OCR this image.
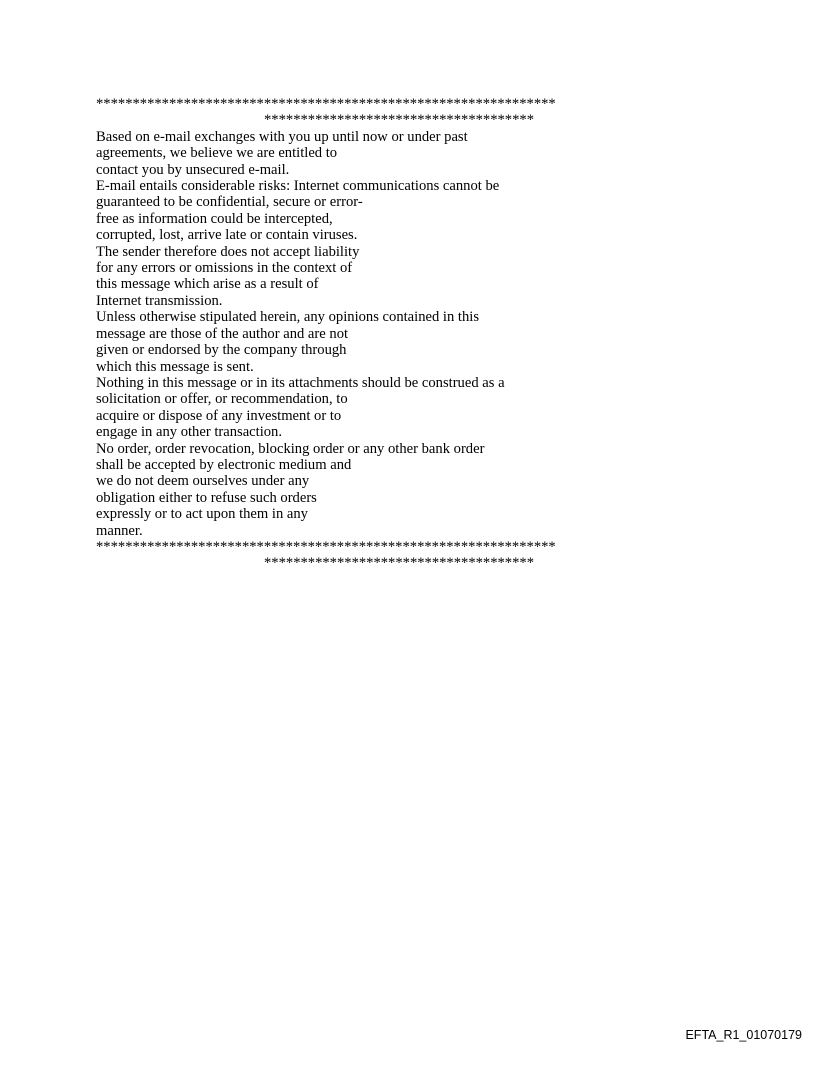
***************************************************************
*************************************
Based on e-mail exchanges with you up until now or under past
agreements, we believe we are entitled to
contact you by unsecured e-mail.
E-mail entails considerable risks: Internet communications cannot be
guaranteed to be confidential, secure or error-
free as information could be intercepted,
corrupted, lost, arrive late or contain viruses.
The sender therefore does not accept liability
for any errors or omissions in the context of
this message which arise as a result of
Internet transmission.
Unless otherwise stipulated herein, any opinions contained in this
message are those of the author and are not
given or endorsed by the company through
which this message is sent.
Nothing in this message or in its attachments should be construed as a
solicitation or offer, or recommendation, to
acquire or dispose of any investment or to
engage in any other transaction.
No order, order revocation, blocking order or any other bank order
shall be accepted by electronic medium and
we do not deem ourselves under any
obligation either to refuse such orders
expressly or to act upon them in any
manner.
***************************************************************
*************************************
EFTA_R1_01070179
